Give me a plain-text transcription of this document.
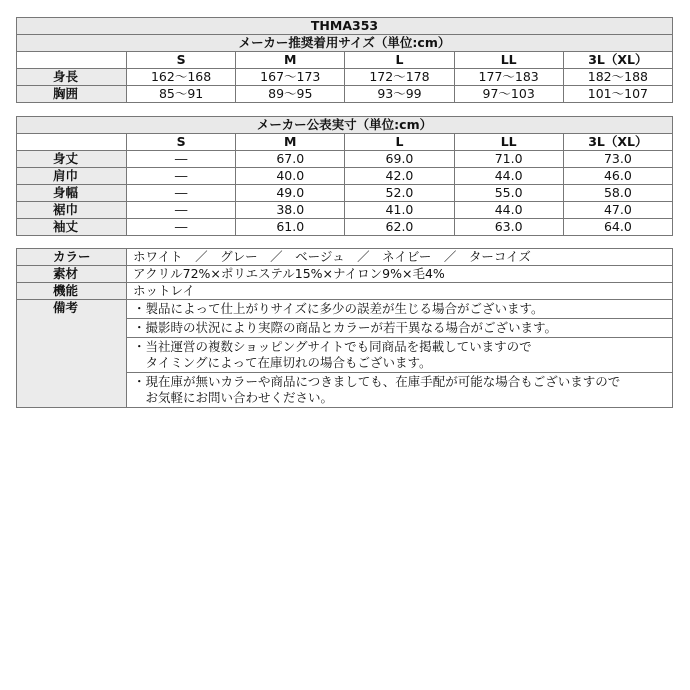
THMA353					
メーカー推奨着用サイズ（単位:cm）					
	S	M	L	LL	3L（XL）
身長	162～168	167～173	172～178	177～183	182～188
胸囲	85～91	89～95	93～99	97～103	101～107
メーカー公表実寸（単位:cm）					
	S	M	L	LL	3L（XL）
身丈	―	67.0	69.0	71.0	73.0
肩巾	―	40.0	42.0	44.0	46.0
身幅	―	49.0	52.0	55.0	58.0
裾巾	―	38.0	41.0	44.0	47.0
袖丈	―	61.0	62.0	63.0	64.0
カラー	ホワイト　／　グレー　／　ベージュ　／　ネイビー　／　ターコイズ
素材	アクリル72%×ポリエステル15%×ナイロン9%×毛4%
機能	ホットレイ
備考	・製品によって仕上がりサイズに多少の誤差が生じる場合がございます。

	・撮影時の状況により実際の商品とカラーが若干異なる場合がございます。

	・当社運営の複数ショッピングサイトでも同商品を掲載していますので
　タイミングによって在庫切れの場合もございます。

	・現在庫が無いカラーや商品につきましても、在庫手配が可能な場合もございますので
　お気軽にお問い合わせください。
